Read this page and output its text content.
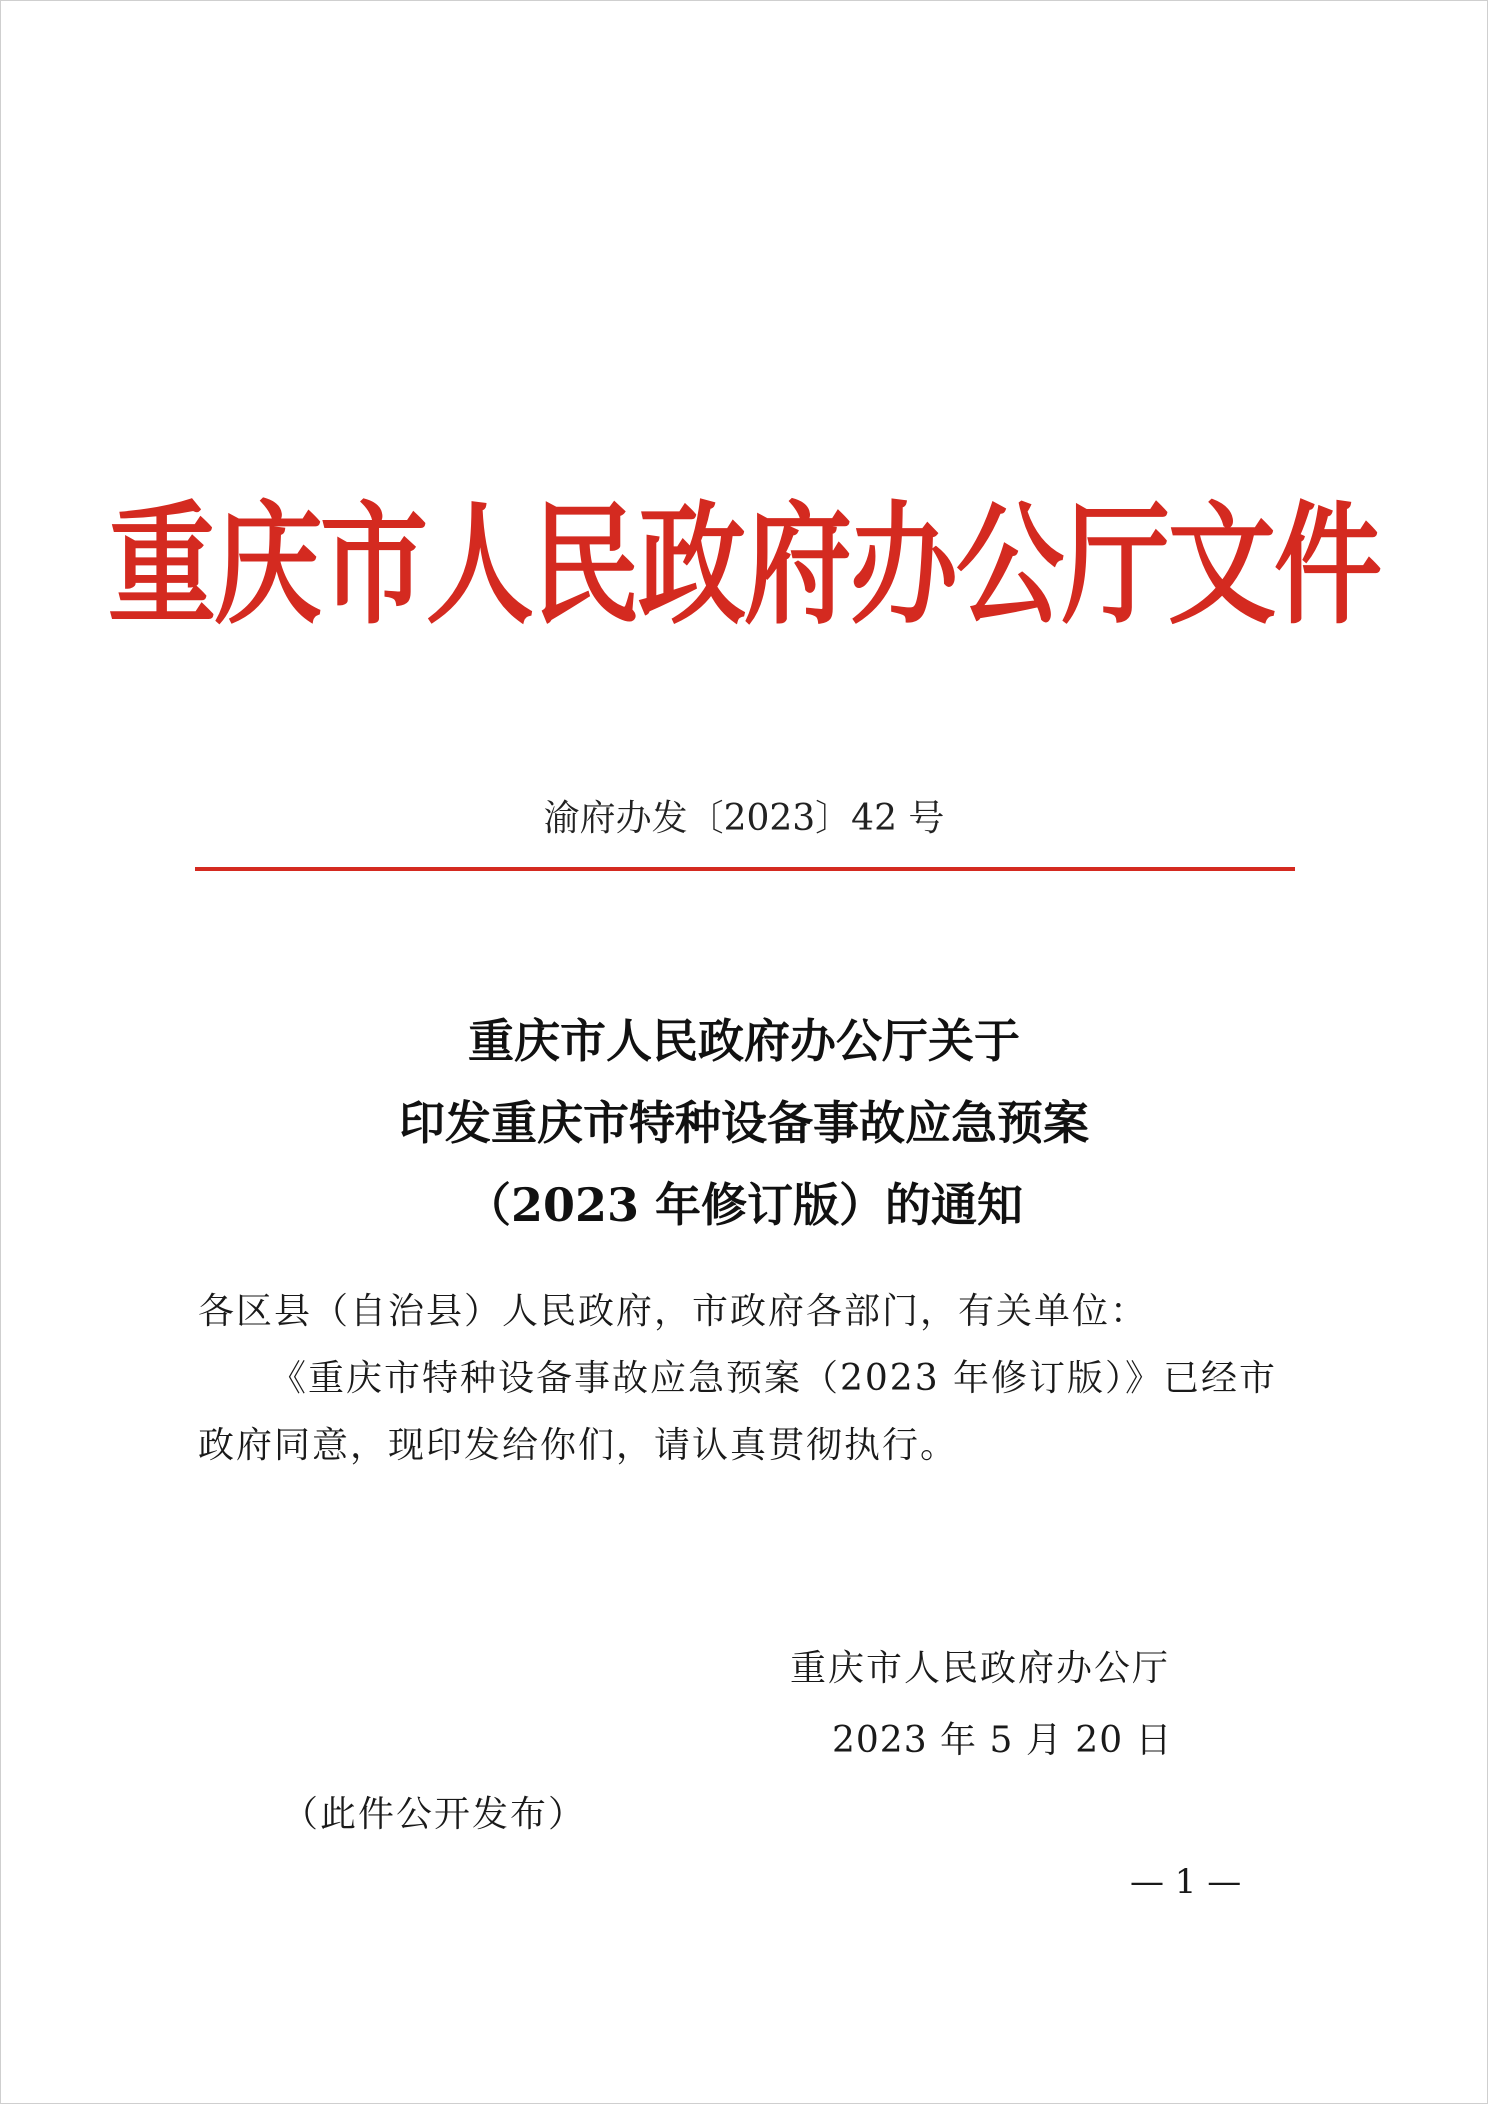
重庆市人民政府办公厅文件
渝府办发〔2023〕42 号
重庆市人民政府办公厅关于
印发重庆市特种设备事故应急预案
（2023 年修订版）的通知
各区县（自治县）人民政府，市政府各部门，有关单位：
《重庆市特种设备事故应急预案（2023 年修订版）》已经市
政府同意，现印发给你们，请认真贯彻执行。
重庆市人民政府办公厅
2023 年 5 月 20 日
（此件公开发布）
— 1 —
